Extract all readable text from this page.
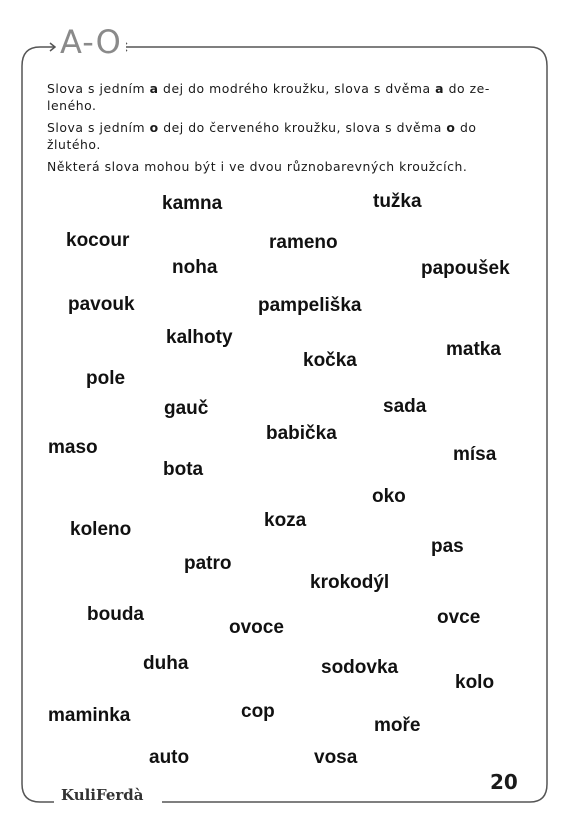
A-O

Slova s jedním a dej do modrého kroužku, slova s dvěma a do ze-leného.

Slova s jedním o dej do červeného kroužku, slova s dvěma o do žlutého.

Některá slova mohou být i ve dvou různobarevných kroužcích.

kamna	tužka
kocour	rameno
noha	papoušek
pavouk	pampeliška
kalhoty
matka
kočka
pole
sada
gauč
babička
maso	mísa
bota
oko
koza
koleno
pas
patro
krokodýl
bouda	ovce
ovoce
duha	sodovka
kolo
cop
maminka	moře
auto	vosa
KuliFerdà
20
